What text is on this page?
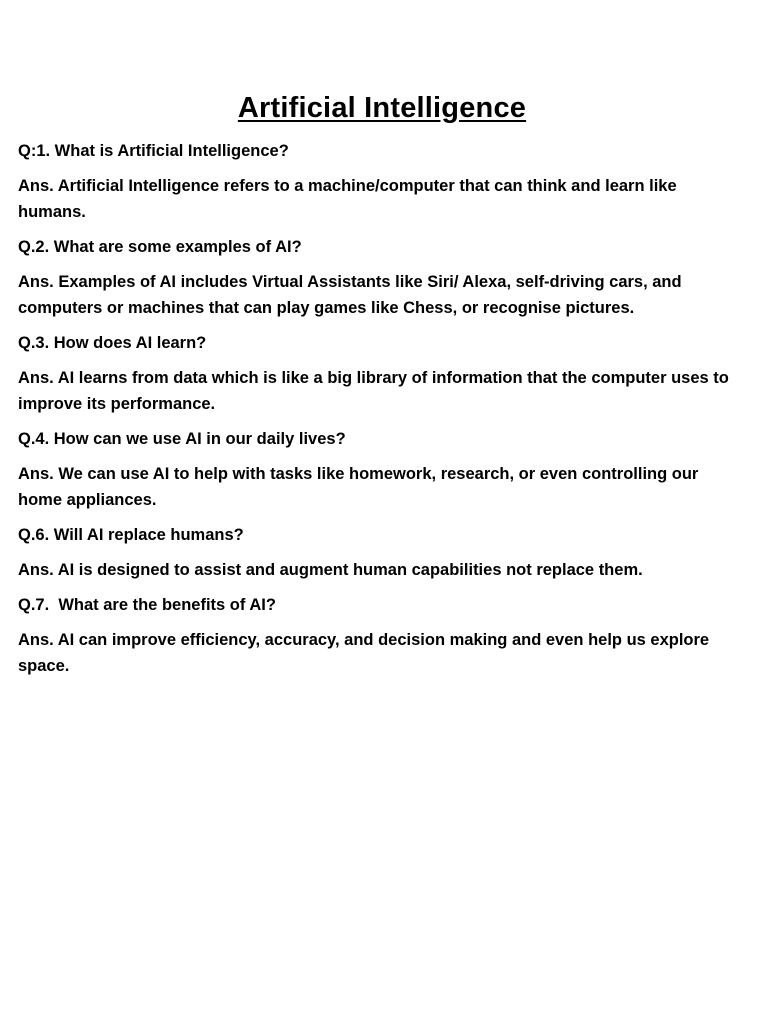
Artificial Intelligence

Q:1. What is Artificial Intelligence?

Ans. Artificial Intelligence refers to a machine/computer that can think and learn like humans.

Q.2. What are some examples of AI?

Ans. Examples of AI includes Virtual Assistants like Siri/ Alexa, self-driving cars, and computers or machines that can play games like Chess, or recognise pictures.

Q.3. How does AI learn?

Ans. AI learns from data which is like a big library of information that the computer uses to improve its performance.

Q.4. How can we use AI in our daily lives?

Ans. We can use AI to help with tasks like homework, research, or even controlling our home appliances.

Q.6. Will AI replace humans?

Ans. AI is designed to assist and augment human capabilities not replace them.

Q.7.  What are the benefits of AI?

Ans. AI can improve efficiency, accuracy, and decision making and even help us explore space.
